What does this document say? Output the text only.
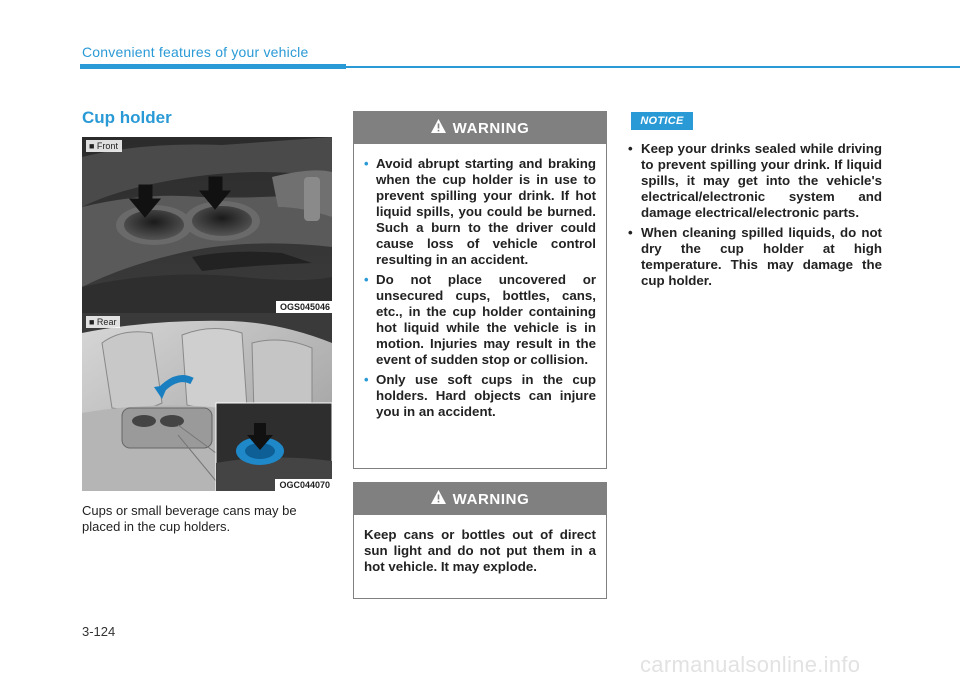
Convenient features of your vehicle
Cup holder
■ Front
OGS045046
■ Rear
OGC044070
Cups or small beverage cans may be placed in the cup holders.
WARNING
• Avoid abrupt starting and braking when the cup holder is in use to prevent spilling your drink. If hot liquid spills, you could be burned. Such a burn to the driver could cause loss of vehicle control resulting in an accident.
• Do not place uncovered or unsecured cups, bottles, cans, etc., in the cup holder containing hot liquid while the vehicle is in motion. Injuries may result in the event of sudden stop or collision.
• Only use soft cups in the cup holders. Hard objects can injure you in an accident.
WARNING
Keep cans or bottles out of direct sun light and do not put them in a hot vehicle. It may explode.
NOTICE
• Keep your drinks sealed while driving to prevent spilling your drink. If liquid spills, it may get into the vehicle's electrical/electronic system and damage electrical/electronic parts.
• When cleaning spilled liquids, do not dry the cup holder at high temperature. This may damage the cup holder.
3-124
carmanualsonline.info
